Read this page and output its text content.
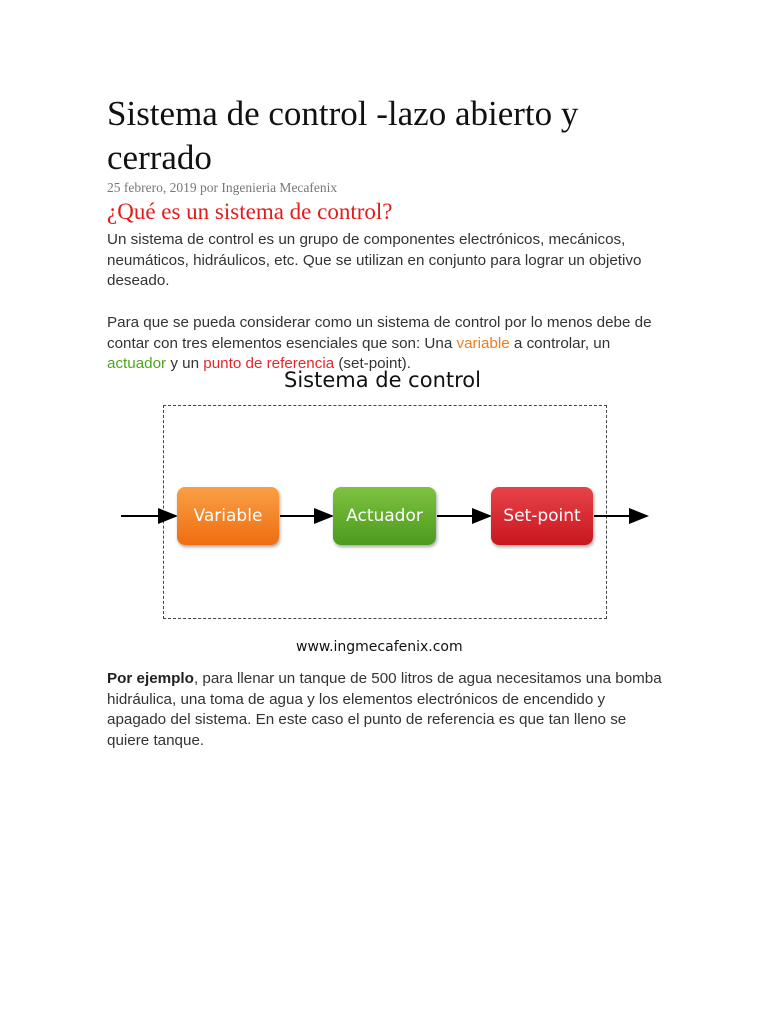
Sistema de control -lazo abierto y cerrado
25 febrero, 2019 por Ingenieria Mecafenix
¿Qué es un sistema de control?

Un sistema de control es un grupo de componentes electrónicos, mecánicos, neumáticos, hidráulicos, etc. Que se utilizan en conjunto para lograr un objetivo deseado.

Para que se pueda considerar como un sistema de control por lo menos debe de contar con tres elementos esenciales que son: Una variable a controlar, un actuador y un punto de referencia (set-point).

Por ejemplo, para llenar un tanque de 500 litros de agua necesitamos una bomba hidráulica, una toma de agua y los elementos electrónicos de encendido y apagado del sistema. En este caso el punto de referencia es que tan lleno se quiere tanque.

Sistema de control
Variable	Actuador	Set-point
www.ingmecafenix.com
